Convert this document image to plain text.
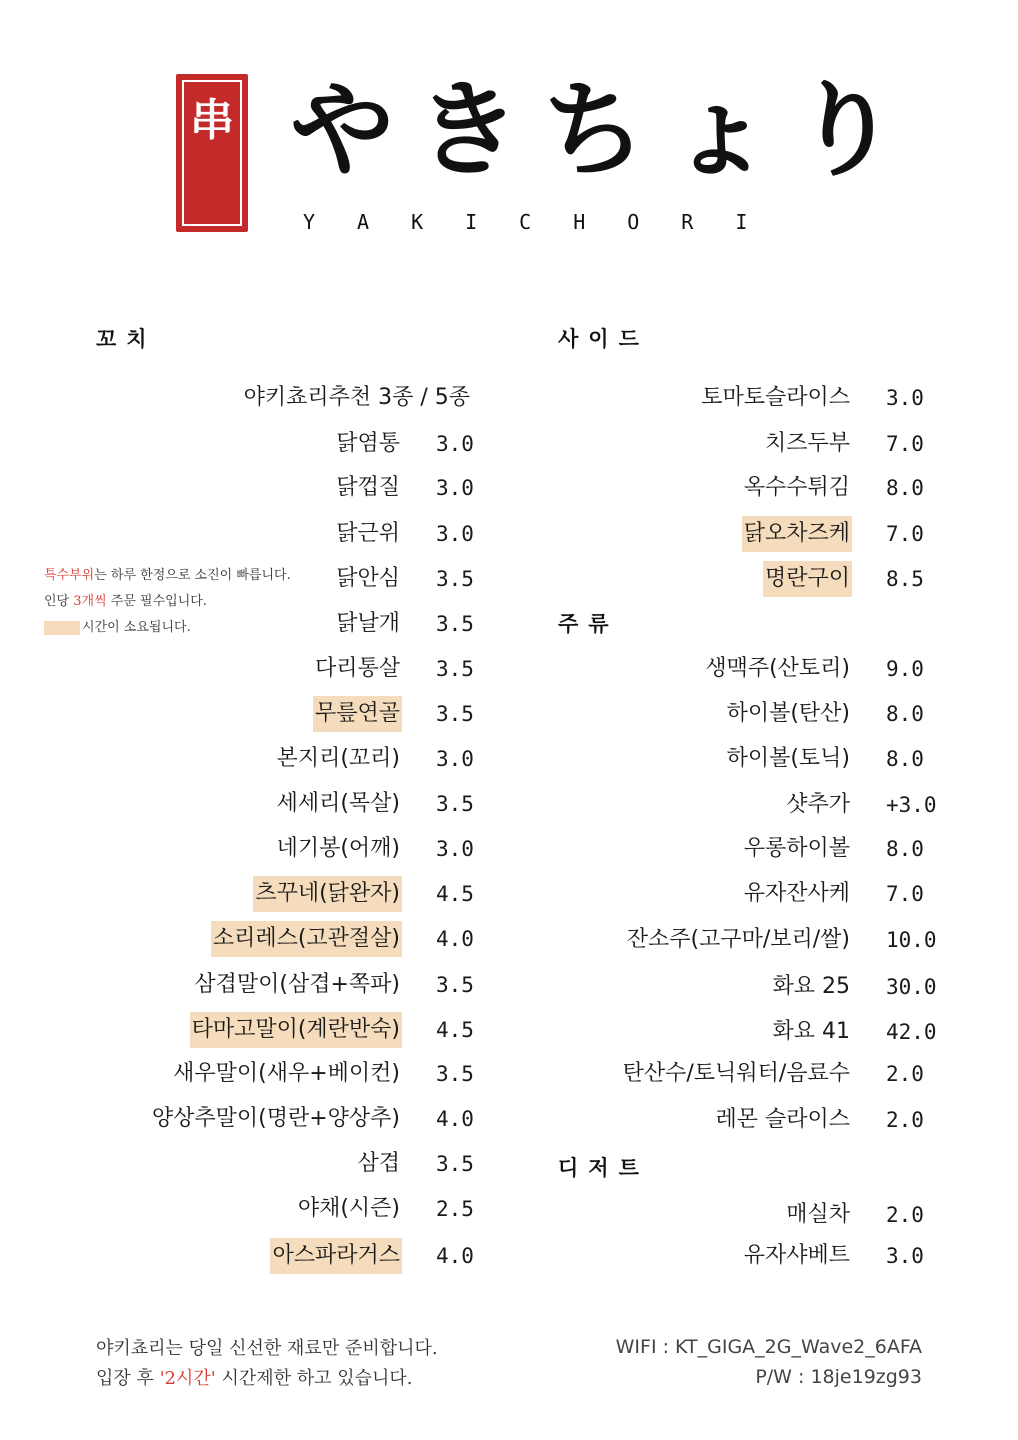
串 やきちょり
YAKICHORI
꼬치	사이드
주류
디저트
야키쵸리추천 3종 / 5종
닭염통 3.0
닭껍질 3.0
닭근위 3.0
닭안심 3.5
닭날개 3.5
다리통살 3.5
무릎연골 3.5
본지리(꼬리) 3.0
세세리(목살) 3.5
네기봉(어깨) 3.0
츠꾸네(닭완자) 4.5
소리레스(고관절살) 4.0
삼겹말이(삼겹+쪽파) 3.5
타마고말이(계란반숙) 4.5
새우말이(새우+베이컨) 3.5
양상추말이(명란+양상추) 4.0
삼겹 3.5
야채(시즌) 2.5
아스파라거스 4.0
토마토슬라이스 3.0
치즈두부 7.0
옥수수튀김 8.0
닭오차즈케 7.0
명란구이 8.5
생맥주(산토리) 9.0
하이볼(탄산) 8.0
하이볼(토닉) 8.0
샷추가 +3.0
우롱하이볼 8.0
유자잔사케 7.0
잔소주(고구마/보리/쌀) 10.0
화요 25 30.0
화요 41 42.0
탄산수/토닉워터/음료수 2.0
레몬 슬라이스 2.0
매실차 2.0
유자샤베트 3.0
특수부위는 하루 한정으로 소진이 빠릅니다.
인당 3개씩 주문 필수입니다.
시간이 소요됩니다.
야키쵸리는 당일 신선한 재료만 준비합니다.
입장 후 '2시간' 시간제한 하고 있습니다.
WIFI : KT_GIGA_2G_Wave2_6AFA
P/W : 18je19zg93
